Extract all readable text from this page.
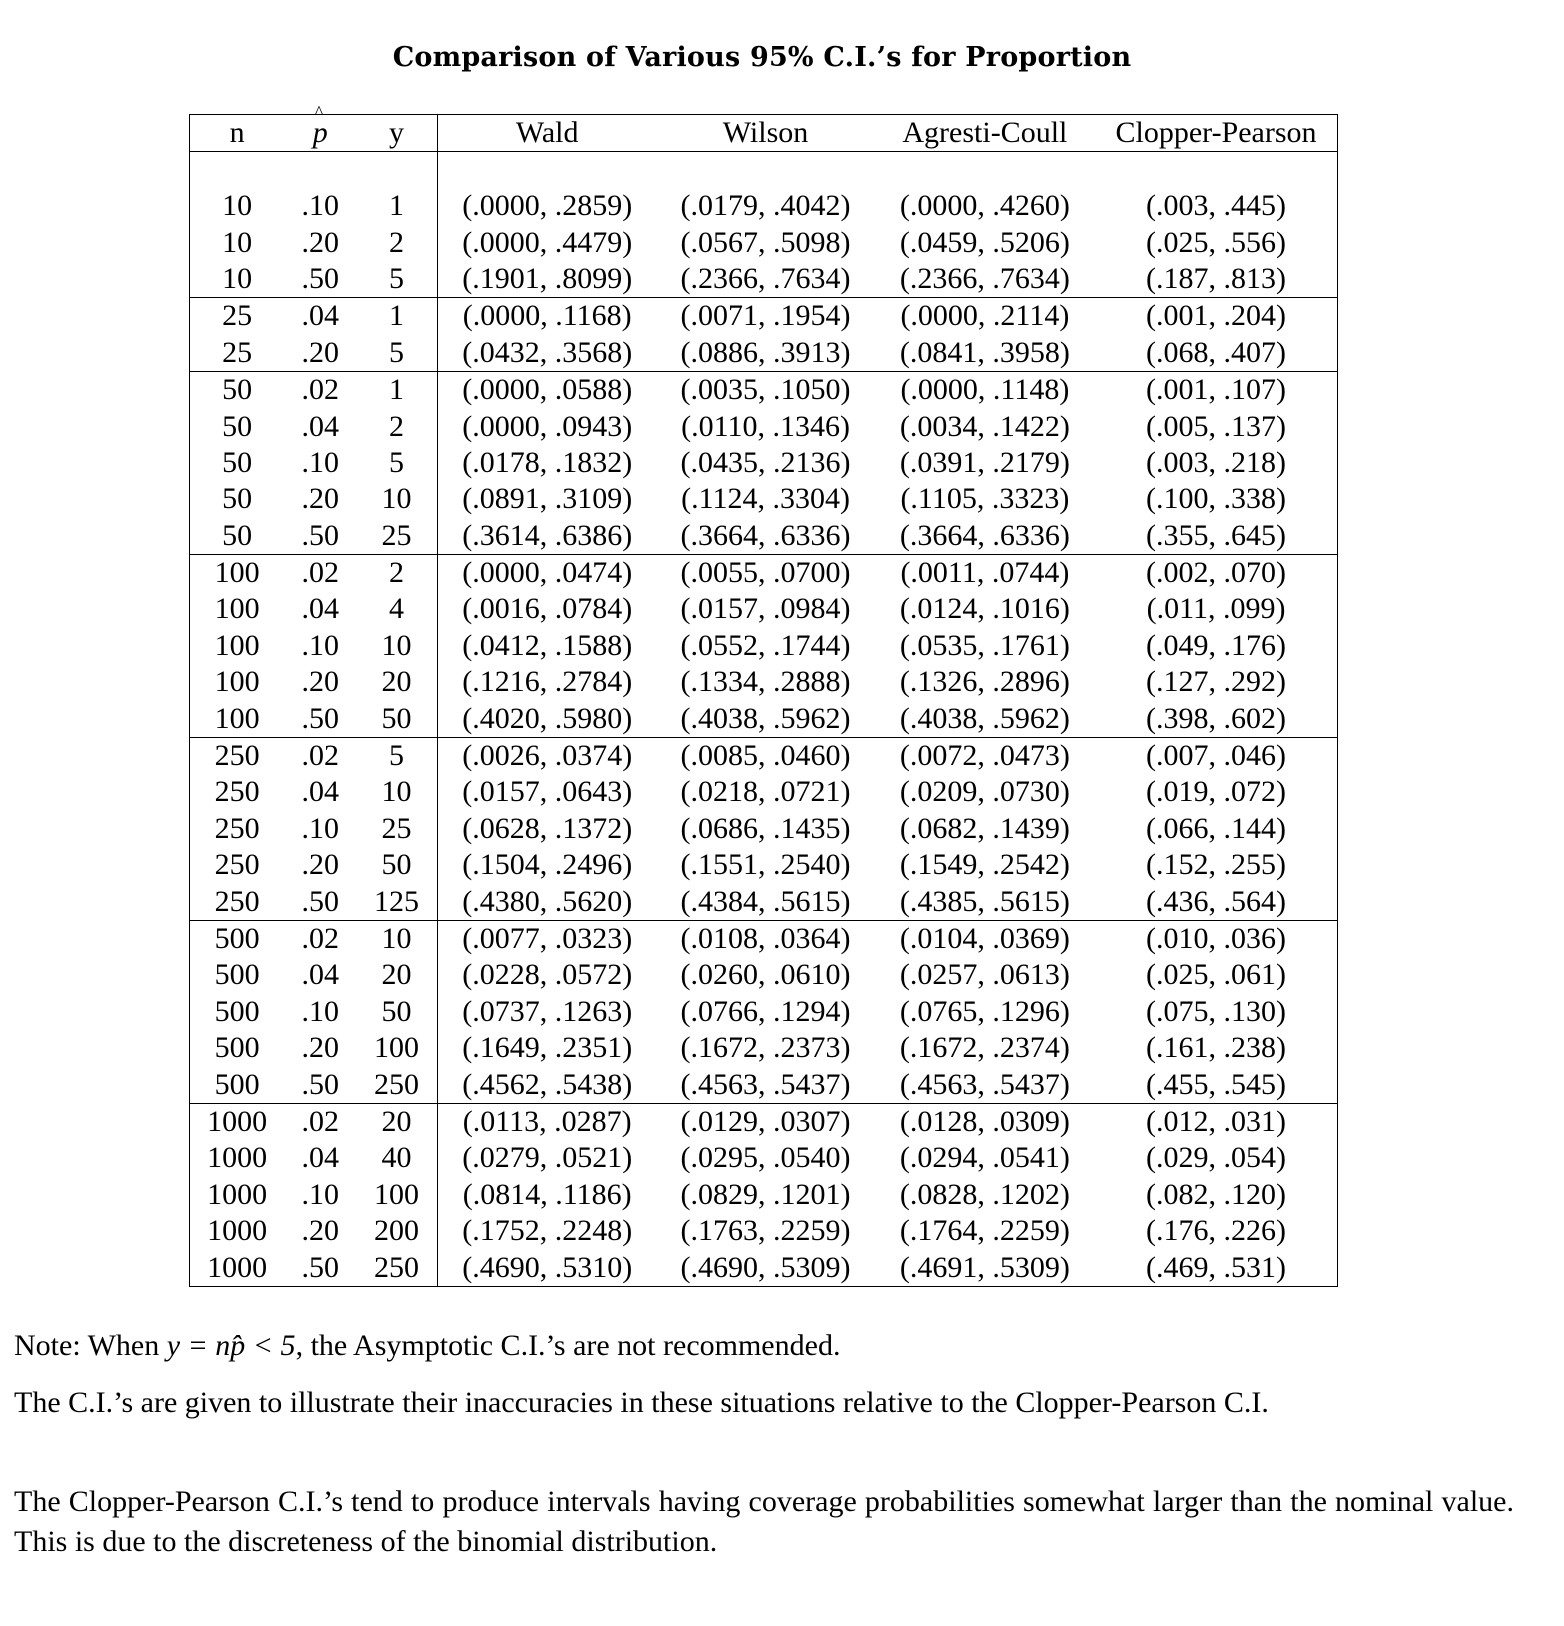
Comparison of Various 95% C.I.’s for Proportion
n	^ p	y	Wald	Wilson	Agresti-Coull	Clopper-Pearson

10	.10	1	(.0000, .2859)	(.0179, .4042)	(.0000, .4260)	(.003, .445)
10	.20	2	(.0000, .4479)	(.0567, .5098)	(.0459, .5206)	(.025, .556)
10	.50	5	(.1901, .8099)	(.2366, .7634)	(.2366, .7634)	(.187, .813)
25	.04	1	(.0000, .1168)	(.0071, .1954)	(.0000, .2114)	(.001, .204)
25	.20	5	(.0432, .3568)	(.0886, .3913)	(.0841, .3958)	(.068, .407)
50	.02	1	(.0000, .0588)	(.0035, .1050)	(.0000, .1148)	(.001, .107)
50	.04	2	(.0000, .0943)	(.0110, .1346)	(.0034, .1422)	(.005, .137)
50	.10	5	(.0178, .1832)	(.0435, .2136)	(.0391, .2179)	(.003, .218)
50	.20	10	(.0891, .3109)	(.1124, .3304)	(.1105, .3323)	(.100, .338)
50	.50	25	(.3614, .6386)	(.3664, .6336)	(.3664, .6336)	(.355, .645)
100	.02	2	(.0000, .0474)	(.0055, .0700)	(.0011, .0744)	(.002, .070)
100	.04	4	(.0016, .0784)	(.0157, .0984)	(.0124, .1016)	(.011, .099)
100	.10	10	(.0412, .1588)	(.0552, .1744)	(.0535, .1761)	(.049, .176)
100	.20	20	(.1216, .2784)	(.1334, .2888)	(.1326, .2896)	(.127, .292)
100	.50	50	(.4020, .5980)	(.4038, .5962)	(.4038, .5962)	(.398, .602)
250	.02	5	(.0026, .0374)	(.0085, .0460)	(.0072, .0473)	(.007, .046)
250	.04	10	(.0157, .0643)	(.0218, .0721)	(.0209, .0730)	(.019, .072)
250	.10	25	(.0628, .1372)	(.0686, .1435)	(.0682, .1439)	(.066, .144)
250	.20	50	(.1504, .2496)	(.1551, .2540)	(.1549, .2542)	(.152, .255)
250	.50	125	(.4380, .5620)	(.4384, .5615)	(.4385, .5615)	(.436, .564)
500	.02	10	(.0077, .0323)	(.0108, .0364)	(.0104, .0369)	(.010, .036)
500	.04	20	(.0228, .0572)	(.0260, .0610)	(.0257, .0613)	(.025, .061)
500	.10	50	(.0737, .1263)	(.0766, .1294)	(.0765, .1296)	(.075, .130)
500	.20	100	(.1649, .2351)	(.1672, .2373)	(.1672, .2374)	(.161, .238)
500	.50	250	(.4562, .5438)	(.4563, .5437)	(.4563, .5437)	(.455, .545)
1000	.02	20	(.0113, .0287)	(.0129, .0307)	(.0128, .0309)	(.012, .031)
1000	.04	40	(.0279, .0521)	(.0295, .0540)	(.0294, .0541)	(.029, .054)
1000	.10	100	(.0814, .1186)	(.0829, .1201)	(.0828, .1202)	(.082, .120)
1000	.20	200	(.1752, .2248)	(.1763, .2259)	(.1764, .2259)	(.176, .226)
1000	.50	250	(.4690, .5310)	(.4690, .5309)	(.4691, .5309)	(.469, .531)
Note: When y = np̂ < 5, the Asymptotic C.I.’s are not recommended.
The C.I.’s are given to illustrate their inaccuracies in these situations relative to the Clopper-Pearson C.I.
The Clopper-Pearson C.I.’s tend to produce intervals having coverage probabilities somewhat larger than the nominal value. This is due to the discreteness of the binomial distribution.
